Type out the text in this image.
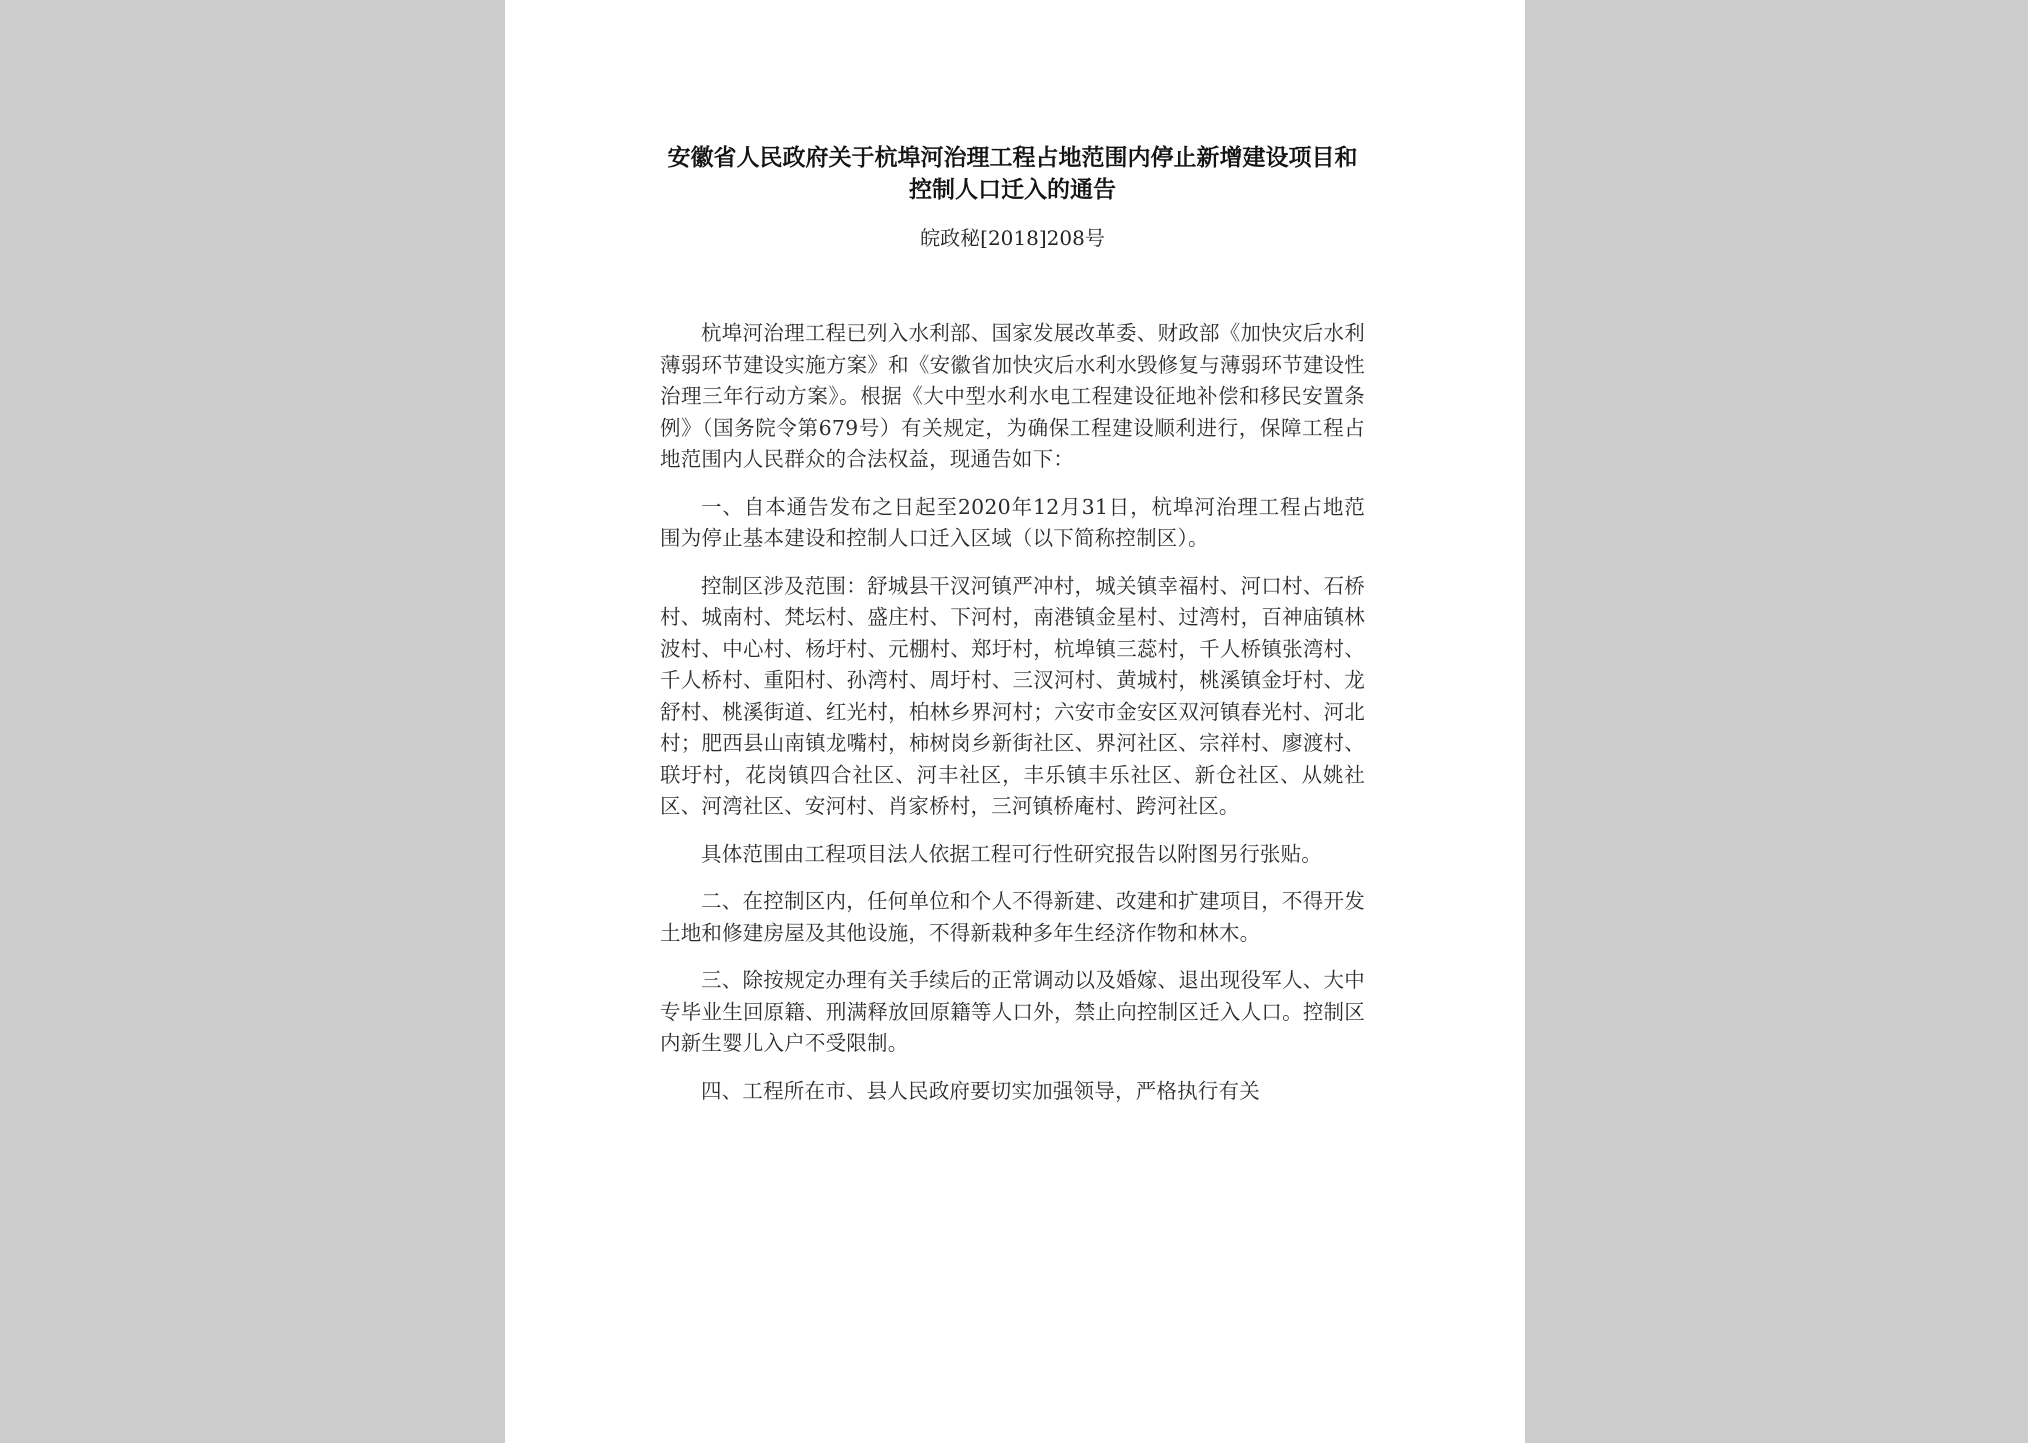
安徽省人民政府关于杭埠河治理工程占地范围内停止新增建设项目和控制人口迁入的通告
皖政秘[2018]208号

杭埠河治理工程已列入水利部、国家发展改革委、财政部《加快灾后水利薄弱环节建设实施方案》和《安徽省加快灾后水利水毁修复与薄弱环节建设性治理三年行动方案》。根据《大中型水利水电工程建设征地补偿和移民安置条例》（国务院令第679号）有关规定，为确保工程建设顺利进行，保障工程占地范围内人民群众的合法权益，现通告如下：

一、自本通告发布之日起至2020年12月31日，杭埠河治理工程占地范围为停止基本建设和控制人口迁入区域（以下简称控制区）。

控制区涉及范围：舒城县干汊河镇严冲村，城关镇幸福村、河口村、石桥村、城南村、梵坛村、盛庄村、下河村，南港镇金星村、过湾村，百神庙镇林波村、中心村、杨圩村、元棚村、郑圩村，杭埠镇三蕊村，千人桥镇张湾村、千人桥村、重阳村、孙湾村、周圩村、三汊河村、黄城村，桃溪镇金圩村、龙舒村、桃溪街道、红光村，柏林乡界河村；六安市金安区双河镇春光村、河北村；肥西县山南镇龙嘴村，柿树岗乡新街社区、界河社区、宗祥村、廖渡村、联圩村，花岗镇四合社区、河丰社区，丰乐镇丰乐社区、新仓社区、从姚社区、河湾社区、安河村、肖家桥村，三河镇桥庵村、跨河社区。

具体范围由工程项目法人依据工程可行性研究报告以附图另行张贴。

二、在控制区内，任何单位和个人不得新建、改建和扩建项目，不得开发土地和修建房屋及其他设施，不得新栽种多年生经济作物和林木。

三、除按规定办理有关手续后的正常调动以及婚嫁、退出现役军人、大中专毕业生回原籍、刑满释放回原籍等人口外，禁止向控制区迁入人口。控制区内新生婴儿入户不受限制。

四、工程所在市、县人民政府要切实加强领导，严格执行有关
